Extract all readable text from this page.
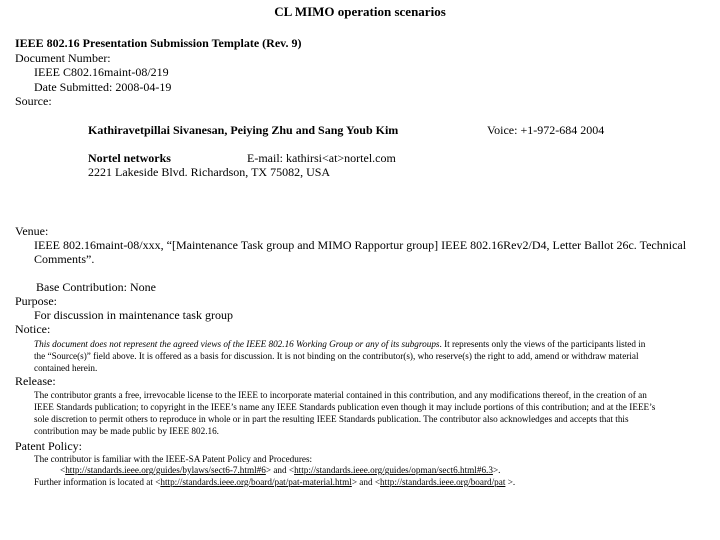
CL MIMO operation scenarios
IEEE 802.16 Presentation Submission Template (Rev. 9)
Document Number:
IEEE C802.16maint-08/219
Date Submitted: 2008-04-19
Source:
Kathiravetpillai Sivanesan, Peiying Zhu and Sang Youb Kim	Voice: +1-972-684 2004
Nortel networks	E-mail: kathirsi<at>nortel.com
2221 Lakeside Blvd. Richardson, TX 75082, USA
Venue:
IEEE 802.16maint-08/xxx, “[Maintenance Task group and MIMO Rapportur group] IEEE 802.16Rev2/D4, Letter Ballot 26c. Technical
Comments”.
Base Contribution: None
Purpose:
For discussion in maintenance task group
Notice:
This document does not represent the agreed views of the IEEE 802.16 Working Group or any of its subgroups. It represents only the views of the participants listed in
the “Source(s)” field above. It is offered as a basis for discussion. It is not binding on the contributor(s), who reserve(s) the right to add, amend or withdraw material
contained herein.
Release:
The contributor grants a free, irrevocable license to the IEEE to incorporate material contained in this contribution, and any modifications thereof, in the creation of an
IEEE Standards publication; to copyright in the IEEE’s name any IEEE Standards publication even though it may include portions of this contribution; and at the IEEE’s
sole discretion to permit others to reproduce in whole or in part the resulting IEEE Standards publication. The contributor also acknowledges and accepts that this
contribution may be made public by IEEE 802.16.
Patent Policy:
The contributor is familiar with the IEEE-SA Patent Policy and Procedures:
<http://standards.ieee.org/guides/bylaws/sect6-7.html#6> and <http://standards.ieee.org/guides/opman/sect6.html#6.3>.
Further information is located at <http://standards.ieee.org/board/pat/pat-material.html> and <http://standards.ieee.org/board/pat >.
